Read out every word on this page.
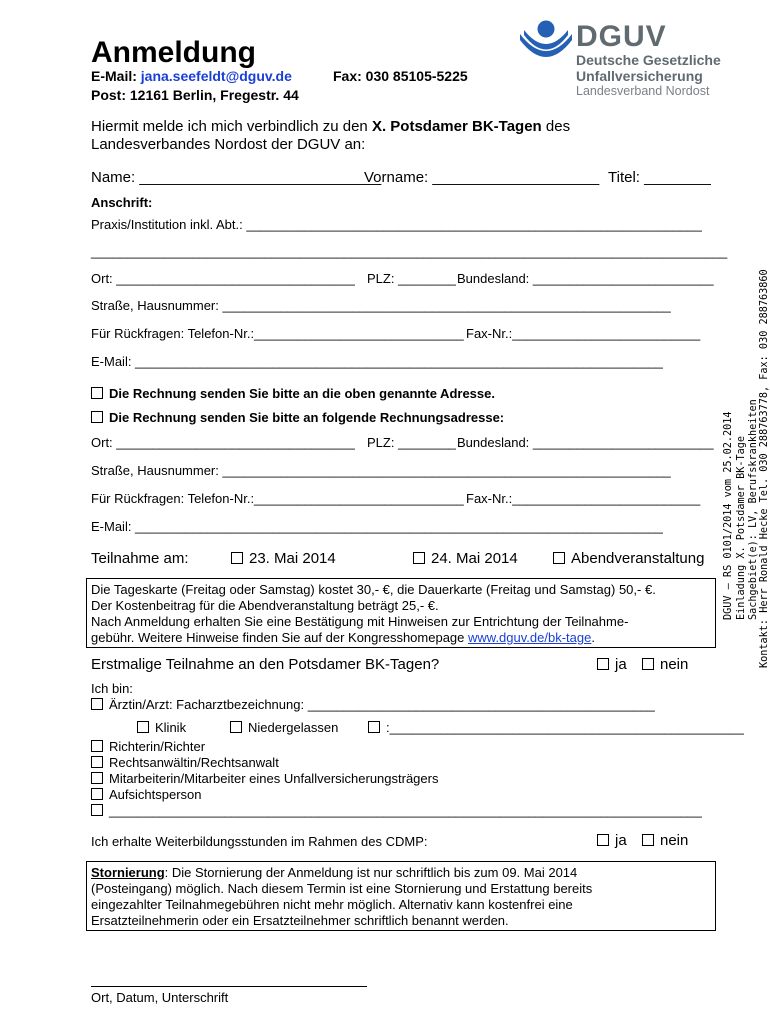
Anmeldung
E-Mail: jana.seefeldt@dguv.de	Fax: 030 85105-5225
Post: 12161 Berlin, Fregestr. 44
DGUV
Deutsche Gesetzliche
Unfallversicherung
Landesverband Nordost
Hiermit melde ich mich verbindlich zu den X. Potsdamer BK-Tagen des
Landesverbandes Nordost der DGUV an:
Name: _____________________________
Vorname: ____________________ Titel: ________
Anschrift:
Praxis/Institution inkl. Abt.: _______________________________________________________________
________________________________________________________________________________________
Ort: _________________________________ PLZ: ________ Bundesland: _________________________
Straße, Hausnummer: ______________________________________________________________
Für Rückfragen: Telefon-Nr.:_____________________________ Fax-Nr.:__________________________
E-Mail: _________________________________________________________________________
Die Rechnung senden Sie bitte an die oben genannte Adresse.
Die Rechnung senden Sie bitte an folgende Rechnungsadresse:
Ort: _________________________________ PLZ: ________ Bundesland: _________________________
Straße, Hausnummer: ______________________________________________________________
Für Rückfragen: Telefon-Nr.:_____________________________ Fax-Nr.:__________________________
E-Mail: _________________________________________________________________________
Teilnahme am:	23. Mai 2014	24. Mai 2014	Abendveranstaltung
Die Tageskarte (Freitag oder Samstag) kostet 30,- €, die Dauerkarte (Freitag und Samstag) 50,- €.
Der Kostenbeitrag für die Abendveranstaltung beträgt 25,- €.
Nach Anmeldung erhalten Sie eine Bestätigung mit Hinweisen zur Entrichtung der Teilnahme-
gebühr. Weitere Hinweise finden Sie auf der Kongresshomepage www.dguv.de/bk-tage.
Erstmalige Teilnahme an den Potsdamer BK-Tagen?	ja	nein
Ich bin:
Ärztin/Arzt: Facharztbezeichnung: ________________________________________________
Klinik	Niedergelassen	:_________________________________________________
Richterin/Richter
Rechtsanwältin/Rechtsanwalt
Mitarbeiterin/Mitarbeiter eines Unfallversicherungsträgers
Aufsichtsperson
__________________________________________________________________________________
Ich erhalte Weiterbildungsstunden im Rahmen des CDMP:	ja	nein
Stornierung: Die Stornierung der Anmeldung ist nur schriftlich bis zum 09. Mai 2014
(Posteingang) möglich. Nach diesem Termin ist eine Stornierung und Erstattung bereits
eingezahlter Teilnahmegebühren nicht mehr möglich. Alternativ kann kostenfrei eine
Ersatzteilnehmerin oder ein Ersatzteilnehmer schriftlich benannt werden.
Ort, Datum, Unterschrift
DGUV – RS 0101/2014 vom 25.02.2014 Einladung X. Potsdamer BK-Tage Sachgebiet(e): LV, Berufskrankheiten Kontakt: Herr Ronald Hecke Tel. 030 288763778, Fax: 030 288763860
